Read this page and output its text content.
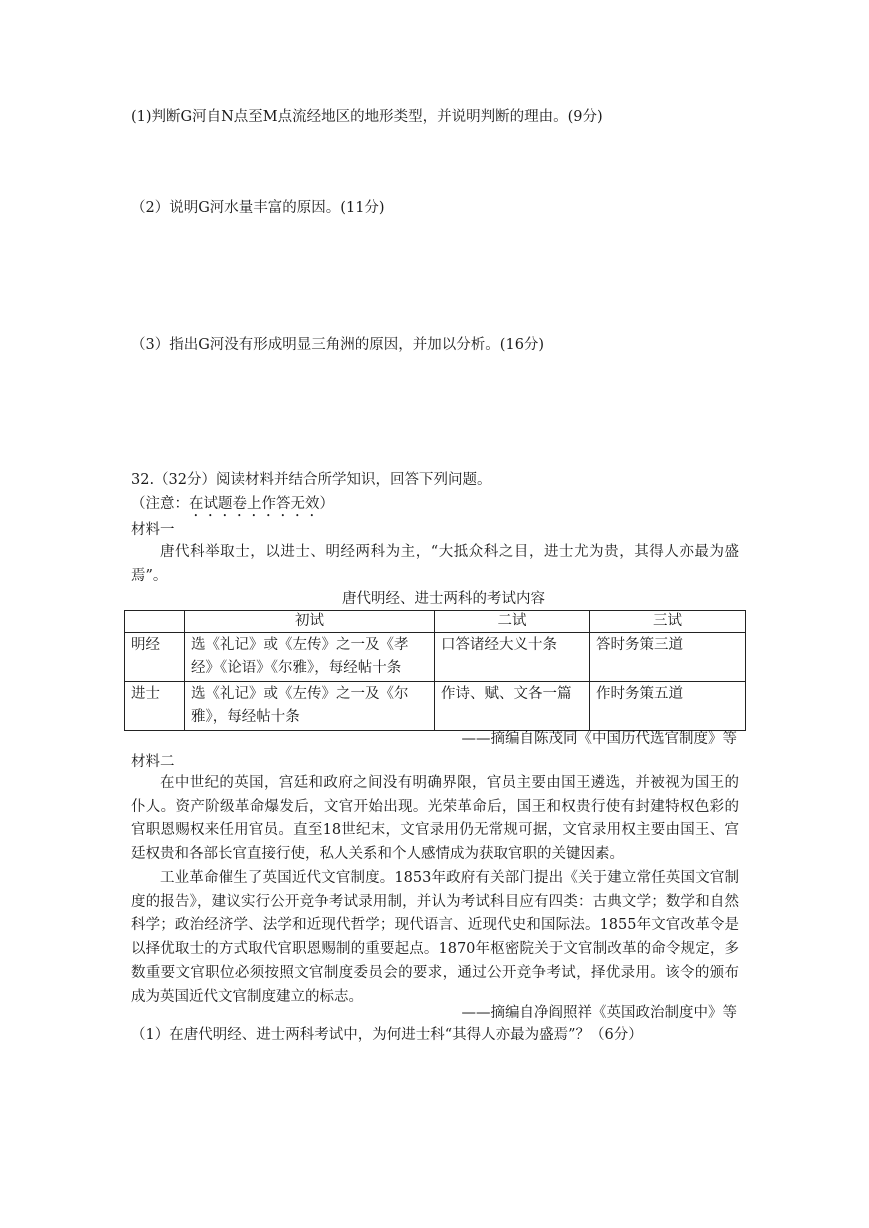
(1)判断G河自N点至M点流经地区的地形类型，并说明判断的理由。(9分)
（2）说明G河水量丰富的原因。(11分)
（3）指出G河没有形成明显三角洲的原因，并加以分析。(16分)
32.（32分）阅读材料并结合所学知识，回答下列问题。
（注意：在试题卷上作答无效）
材料一
唐代科举取士，以进士、明经两科为主，“大抵众科之目，进士尤为贵，其得人亦最为盛焉”。
唐代明经、进士两科的考试内容
	初试	二试	三试
明经	选《礼记》或《左传》之一及《孝经》《论语》《尔雅》，每经帖十条	口答诸经大义十条	答时务策三道
进士	选《礼记》或《左传》之一及《尔雅》，每经帖十条	作诗、赋、文各一篇	作时务策五道
——摘编自陈茂同《中国历代选官制度》等
材料二
在中世纪的英国，宫廷和政府之间没有明确界限，官员主要由国王遴选，并被视为国王的仆人。资产阶级革命爆发后，文官开始出现。光荣革命后，国王和权贵行使有封建特权色彩的官职恩赐权来任用官员。直至18世纪末，文官录用仍无常规可据，文官录用权主要由国王、宫廷权贵和各部长官直接行使，私人关系和个人感情成为获取官职的关键因素。
工业革命催生了英国近代文官制度。1853年政府有关部门提出《关于建立常任英国文官制度的报告》，建议实行公开竞争考试录用制，并认为考试科目应有四类：古典文学；数学和自然科学；政治经济学、法学和近现代哲学；现代语言、近现代史和国际法。1855年文官改革令是以择优取士的方式取代官职恩赐制的重要起点。1870年枢密院关于文官制改革的命令规定，多数重要文官职位必须按照文官制度委员会的要求，通过公开竞争考试，择优录用。该令的颁布成为英国近代文官制度建立的标志。
——摘编自净阎照祥《英国政治制度中》等
（1）在唐代明经、进士两科考试中，为何进士科“其得人亦最为盛焉”？（6分）
